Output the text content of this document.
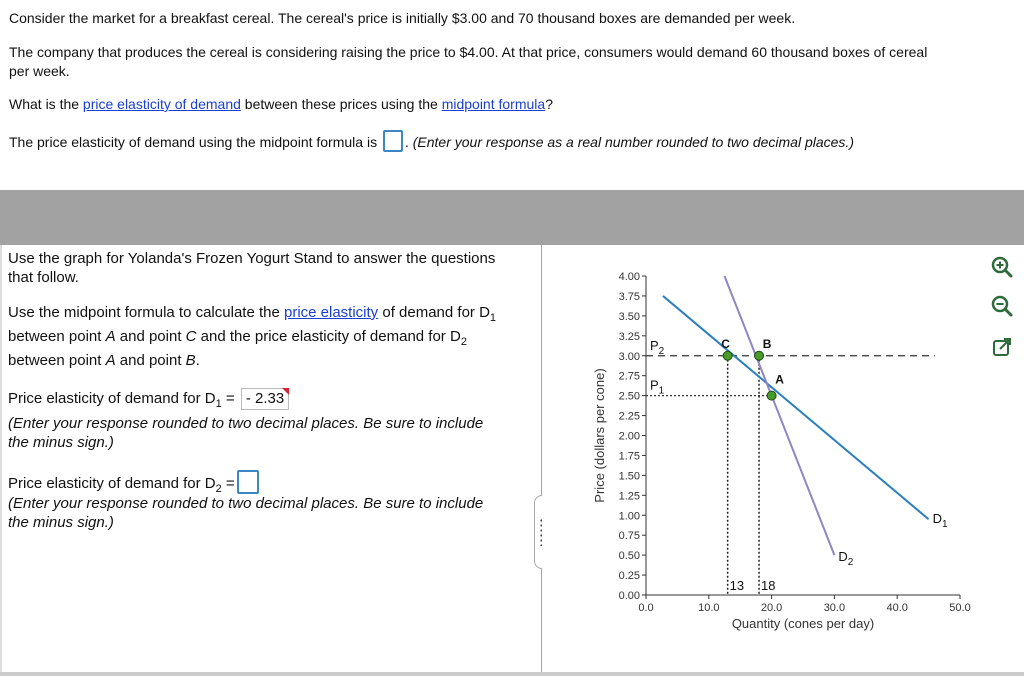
Consider the market for a breakfast cereal. The cereal's price is initially $3.00 and 70 thousand boxes are demanded per week.
The company that produces the cereal is considering raising the price to $4.00. At that price, consumers would demand 60 thousand boxes of cereal
per week.
What is the price elasticity of demand between these prices using the midpoint formula?
The price elasticity of demand using the midpoint formula is . (Enter your response as a real number rounded to two decimal places.)
Use the graph for Yolanda's Frozen Yogurt Stand to answer the questions
that follow.
Use the midpoint formula to calculate the price elasticity of demand for $D_1$
between point A and point C and the price elasticity of demand for $D_2$
between point A and point B.
Price elasticity of demand for $D_1$ = - 2.33
(Enter your response rounded to two decimal places. Be sure to include
the minus sign.)
Price elasticity of demand for $D_2$ =
(Enter your response rounded to two decimal places. Be sure to include
the minus sign.)
0.00
0.25
0.50
0.75
1.00
1.25
1.50
1.75
2.00
2.25
2.50
2.75
3.00
3.25
3.50
3.75
4.00
0.0	10.0	20.0	30.0	40.0	50.0
Quantity (cones per day)
Price (dollars per cone)
$P_2$
$P_1$
13 18
$D_1$
$D_2$
C	B
A
